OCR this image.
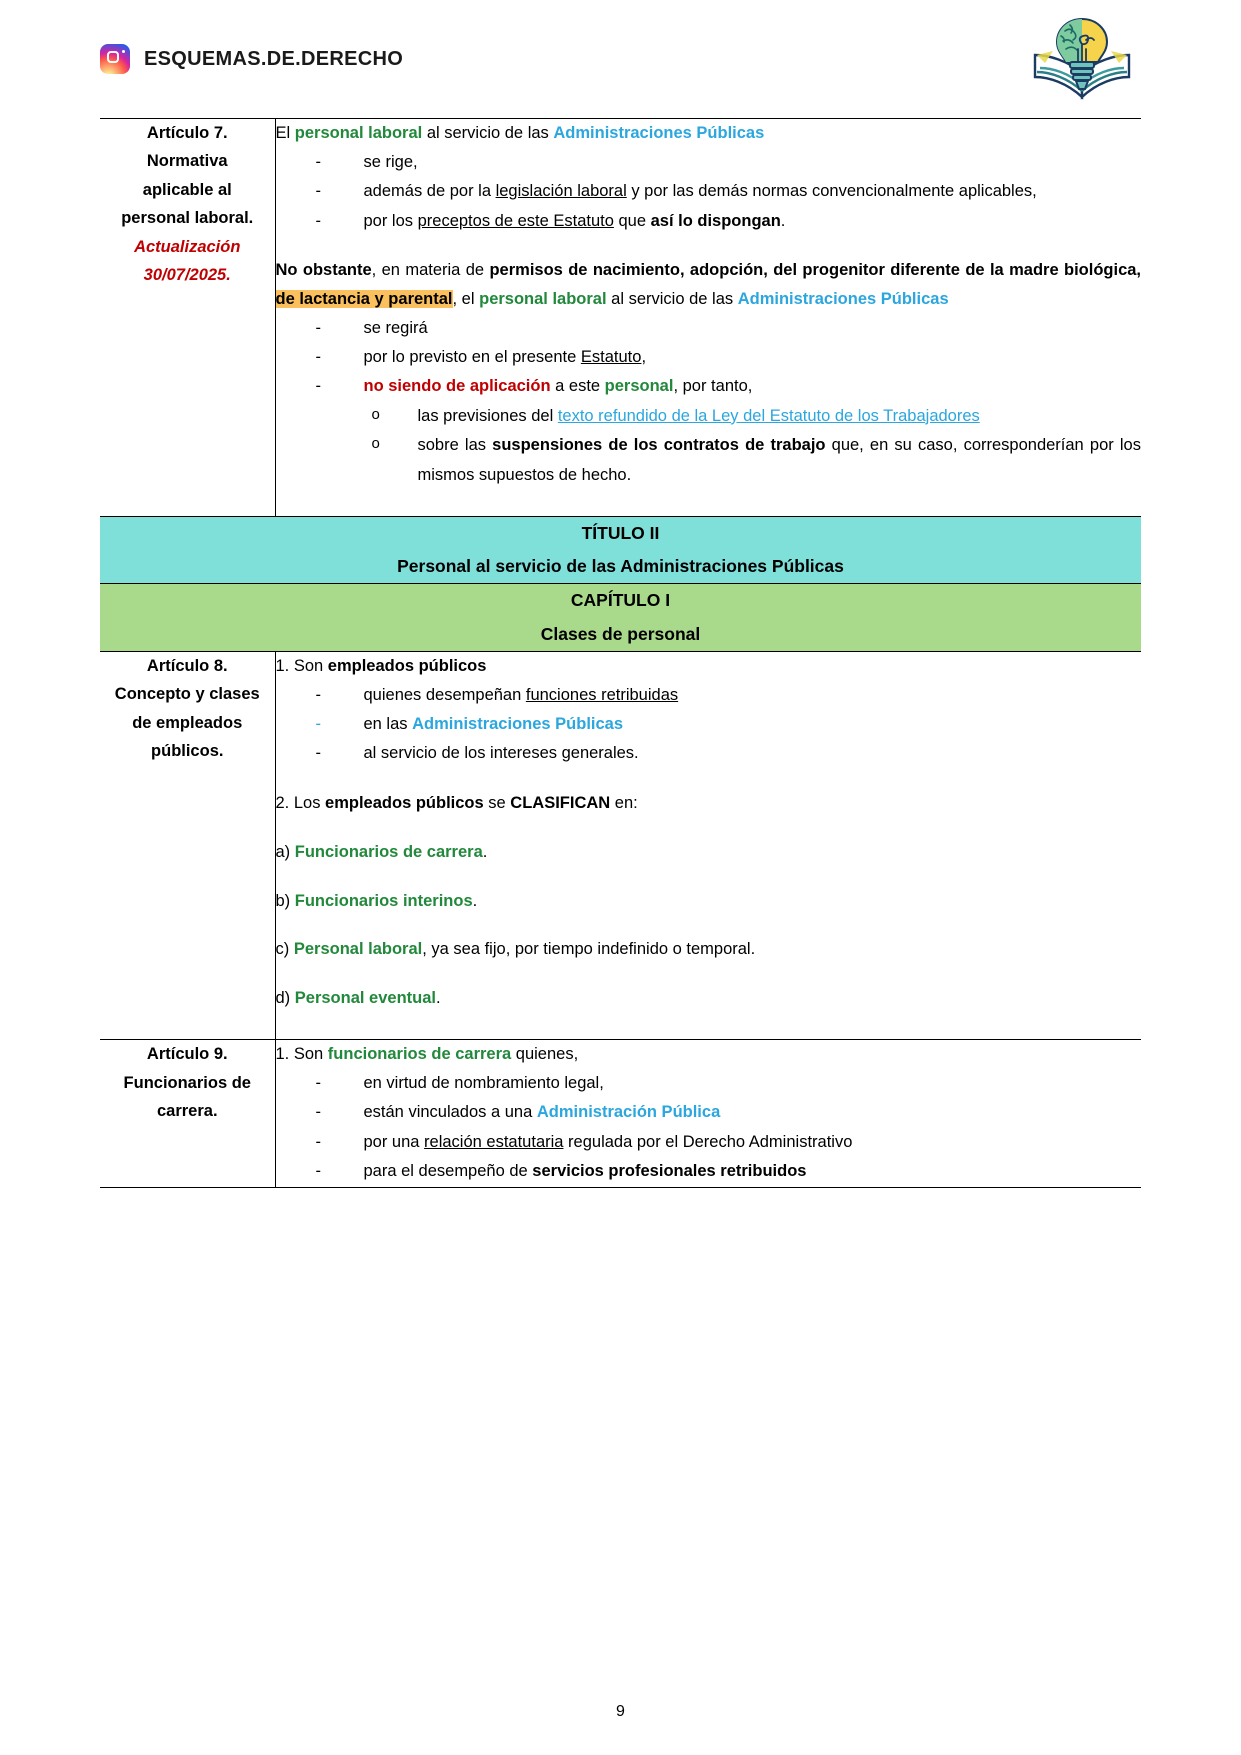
ESQUEMAS.DE.DERECHO
Artículo 7.
Normativa
aplicable al
personal laboral.
Actualización
30/07/2025.

El personal laboral al servicio de las Administraciones Públicas

- se rige,
- además de por la legislación laboral y por las demás normas convencionalmente aplicables,
- por los preceptos de este Estatuto que así lo dispongan.

No obstante, en materia de permisos de nacimiento, adopción, del progenitor diferente de la madre biológica, de lactancia y parental, el personal laboral al servicio de las Administraciones Públicas

- se regirá
- por lo previsto en el presente Estatuto,
- no siendo de aplicación a este personal, por tanto,
o las previsiones del texto refundido de la Ley del Estatuto de los Trabajadores
o sobre las suspensiones de los contratos de trabajo que, en su caso, corresponderían por los mismos supuestos de hecho.

TÍTULO II
Personal al servicio de las Administraciones Públicas	

CAPÍTULO I
Clases de personal	

Artículo 8.
Concepto y clases
de empleados
públicos.

1. Son empleados públicos

- quienes desempeñan funciones retribuidas
- en las Administraciones Públicas
- al servicio de los intereses generales.

2. Los empleados públicos se CLASIFICAN en:

a) Funcionarios de carrera.

b) Funcionarios interinos.

c) Personal laboral, ya sea fijo, por tiempo indefinido o temporal.

d) Personal eventual.

Artículo 9.
Funcionarios de
carrera.

1. Son funcionarios de carrera quienes,

- en virtud de nombramiento legal,
- están vinculados a una Administración Pública
- por una relación estatutaria regulada por el Derecho Administrativo
- para el desempeño de servicios profesionales retribuidos

9
